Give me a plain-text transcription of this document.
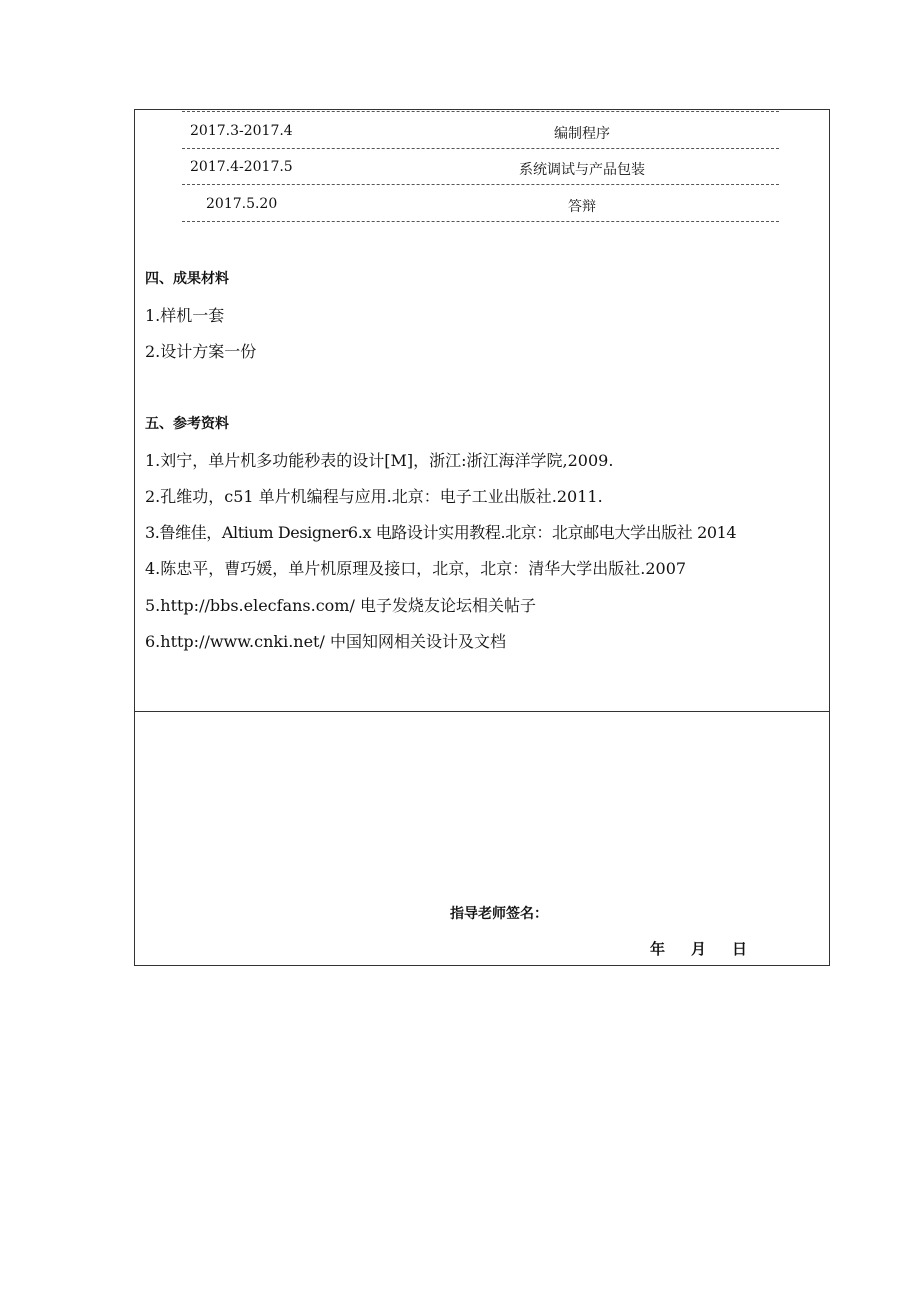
2017.3-2017.4	编制程序
2017.4-2017.5	系统调试与产品包装
2017.5.20	答辩
四、成果材料
1.样机一套
2.设计方案一份
五、参考资料
1.刘宁，单片机多功能秒表的设计[M]，浙江:浙江海洋学院,2009.
2.孔维功，c51 单片机编程与应用.北京：电子工业出版社.2011.
3.鲁维佳，Altium Designer6.x 电路设计实用教程.北京：北京邮电大学出版社 2014
4.陈忠平，曹巧媛，单片机原理及接口，北京，北京：清华大学出版社.2007
5.http://bbs.elecfans.com/ 电子发烧友论坛相关帖子
6.http://www.cnki.net/ 中国知网相关设计及文档
指导老师签名：
年 月 日
